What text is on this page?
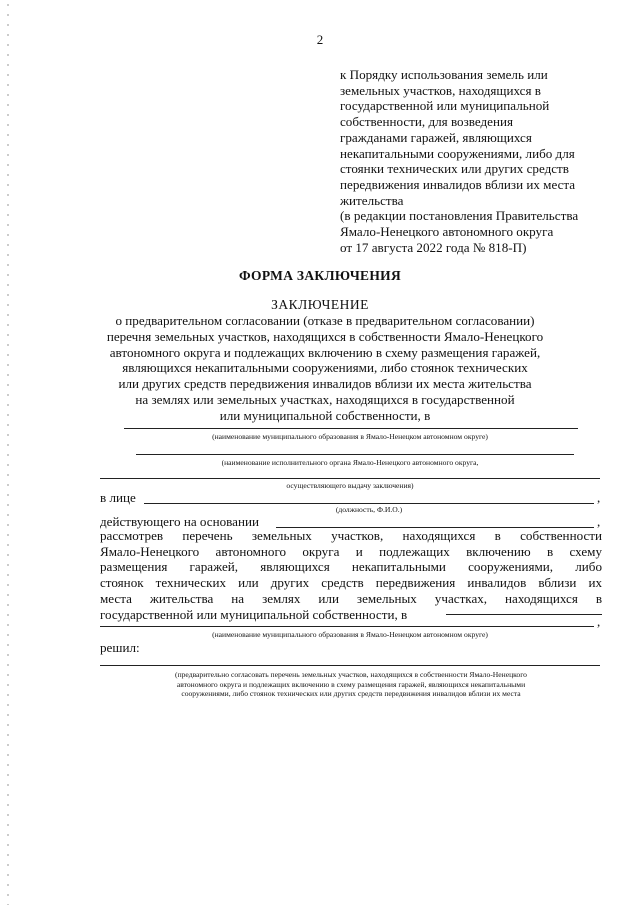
2
к Порядку использования земель или
земельных участков, находящихся в
государственной или муниципальной
собственности, для возведения
гражданами гаражей, являющихся
некапитальными сооружениями, либо для
стоянки технических или других средств
передвижения инвалидов вблизи их места
жительства
(в редакции постановления Правительства
Ямало-Ненецкого автономного округа
от 17 августа 2022 года № 818-П)
ФОРМА ЗАКЛЮЧЕНИЯ
ЗАКЛЮЧЕНИЕ
о предварительном согласовании (отказе в предварительном согласовании)
перечня земельных участков, находящихся в собственности Ямало-Ненецкого
автономного округа и подлежащих включению в схему размещения гаражей,
являющихся некапитальными сооружениями, либо стоянок технических
или других средств передвижения инвалидов вблизи их места жительства
на землях или земельных участках, находящихся в государственной
или муниципальной собственности, в
(наименование муниципального образования в Ямало-Ненецком автономном округе)
(наименование исполнительного органа Ямало-Ненецкого автономного округа,
осуществляющего выдачу заключения)
в лице	,
(должность, Ф.И.О.)
действующего на основании	,
рассмотрев перечень земельных участков, находящихся в собственности
Ямало-Ненецкого автономного округа и подлежащих включению в схему
размещения гаражей, являющихся некапитальными сооружениями, либо
стоянок технических или других средств передвижения инвалидов вблизи их
места жительства на землях или земельных участках, находящихся в
государственной или муниципальной собственности, в	,
(наименование муниципального образования в Ямало-Ненецком автономном округе)
решил:
(предварительно согласовать перечень земельных участков, находящихся в собственности Ямало-Ненецкого
автономного округа и подлежащих включению в схему размещения гаражей, являющихся некапитальными
сооружениями, либо стоянок технических или других средств передвижения инвалидов вблизи их места
